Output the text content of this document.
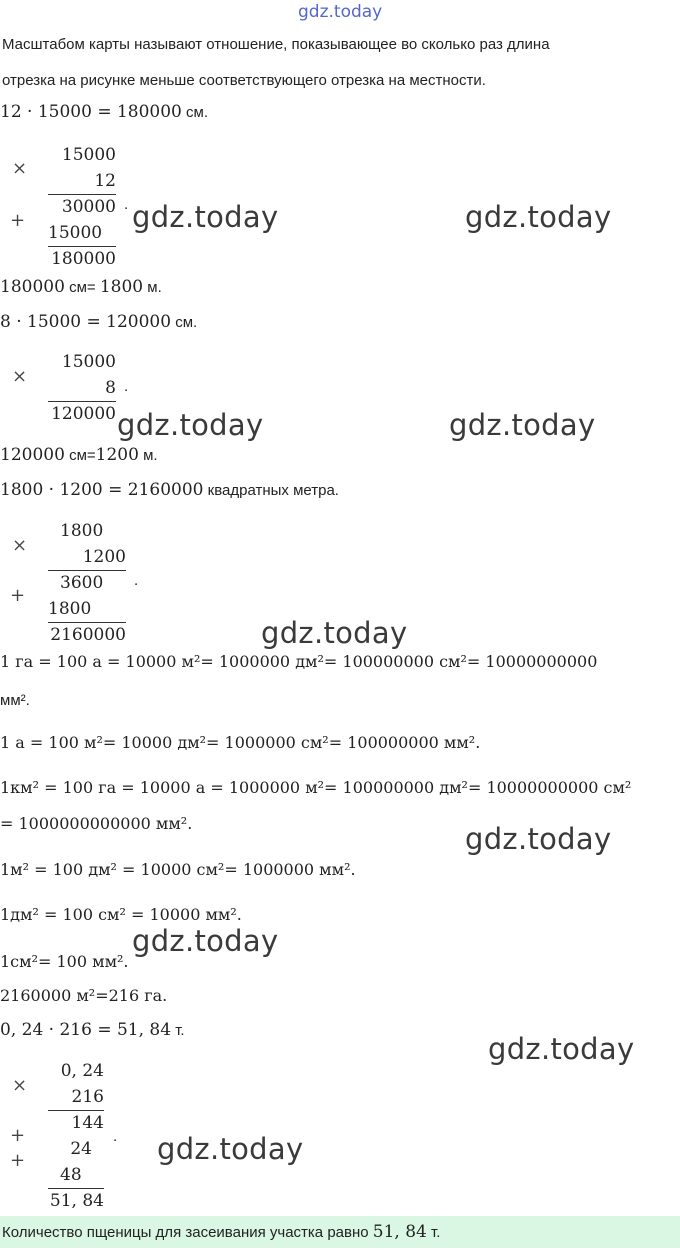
gdz.today
Масштабом карты называют отношение, показывающее во сколько раз длина
отрезка на рисунке меньше соответствующего отрезка на местности.
12 · 15000 = 180000 см.
×
+
15000
12
30000
15000
180000
. gdz.today	gdz.today
180000 см= 1800 м.
8 · 15000 = 120000 см.
×
15000
8
120000
.
gdz.today	gdz.today
120000 см=1200 м.
1800 · 1200 = 2160000 квадратных метра.
×
+
1800
1200
3600
1800
2160000
.
gdz.today
1 га = 100 а = 10000 м²= 1000000 дм²= 100000000 см²= 10000000000
мм².
1 а = 100 м²= 10000 дм²= 1000000 см²= 100000000 мм².
1км² = 100 га = 10000 а = 1000000 м²= 100000000 дм²= 10000000000 см²
= 1000000000000 мм².	gdz.today
1м² = 100 дм² = 10000 см²= 1000000 мм².
1дм² = 100 см² = 10000 мм².
gdz.today
1см²= 100 мм².
2160000 м²=216 га.
0, 24 · 216 = 51, 84 т.
gdz.today
×
+
+
0, 24
216
144
24
48
51, 84
. gdz.today
Количество пщеницы для засеивания участка равно 51, 84 т.
